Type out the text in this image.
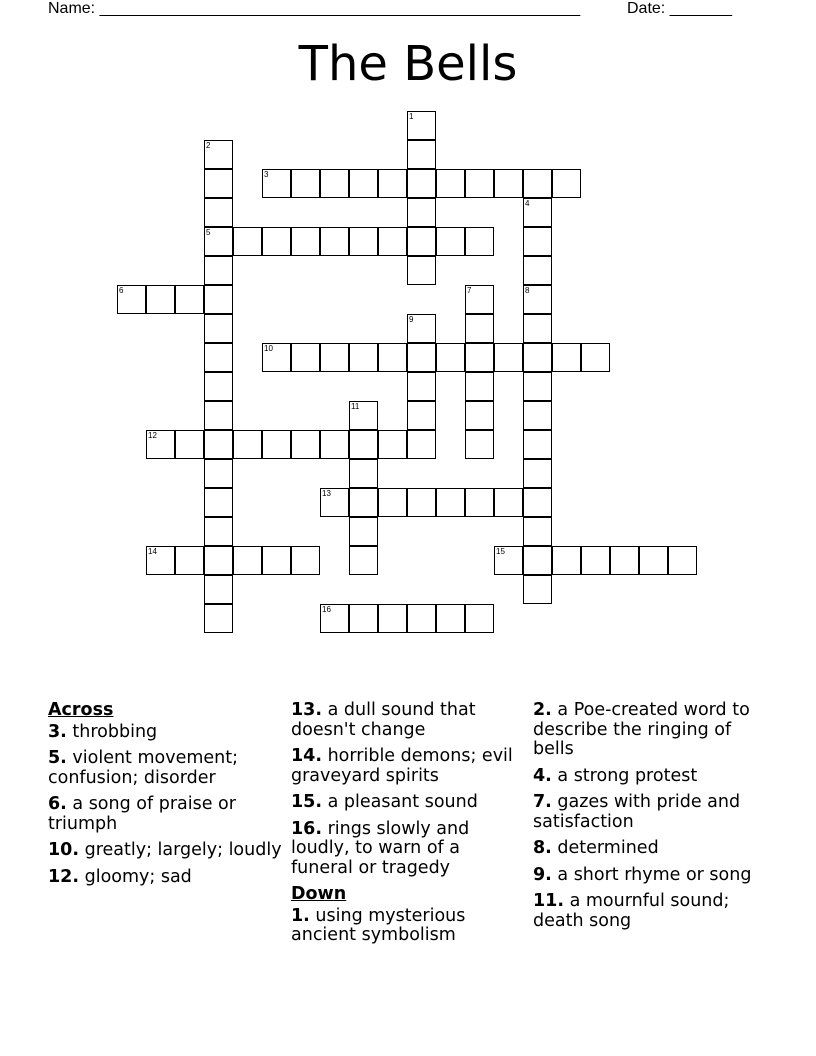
Name: ______________________________________________________	Date: _______
The Bells
1
2
5
3
4
8
6	7
9
10
11
12
13
14	15
16
Across
3. throbbing
5. violent movement; confusion; disorder
6. a song of praise or triumph
10. greatly; largely; loudly
12. gloomy; sad
13. a dull sound that doesn't change
14. horrible demons; evil graveyard spirits
15. a pleasant sound
16. rings slowly and loudly, to warn of a funeral or tragedy
Down
1. using mysterious ancient symbolism
2. a Poe-created word to describe the ringing of bells
4. a strong protest
7. gazes with pride and satisfaction
8. determined
9. a short rhyme or song
11. a mournful sound; death song
